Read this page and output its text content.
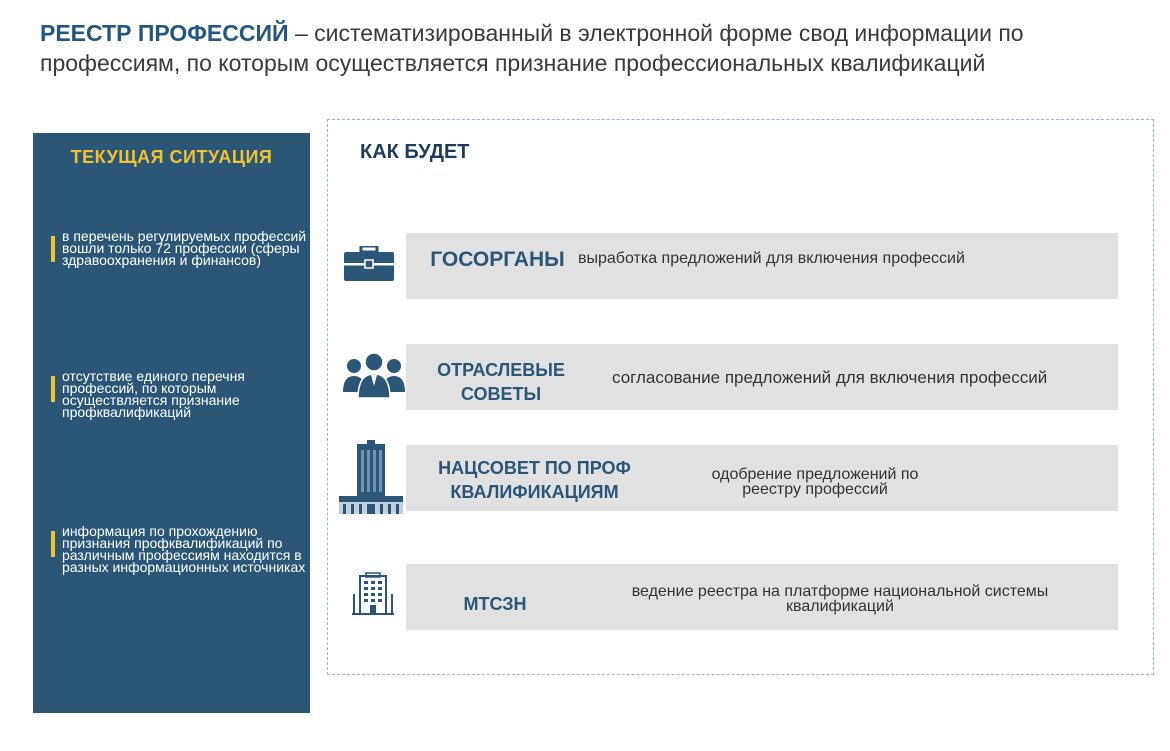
РЕЕСТР ПРОФЕССИЙ – систематизированный в электронной форме свод информации по профессиям, по которым осуществляется признание профессиональных квалификаций
ТЕКУЩАЯ СИТУАЦИЯ
в перечень регулируемых профессий вошли только 72 профессии (сферы здравоохранения и финансов)
отсутствие единого перечня профессий, по которым осуществляется признание профквалификаций
информация по прохождению признания профквалификаций по различным профессиям находится в разных информационных источниках
КАК БУДЕТ
ГОСОРГАНЫ выработка предложений для включения профессий
ОТРАСЛЕВЫЕ СОВЕТЫ
согласование предложений для включения профессий
НАЦСОВЕТ ПО ПРОФ КВАЛИФИКАЦИЯМ
одобрение предложений по реестру профессий
МТСЗН
ведение реестра на платформе национальной системы квалификаций
